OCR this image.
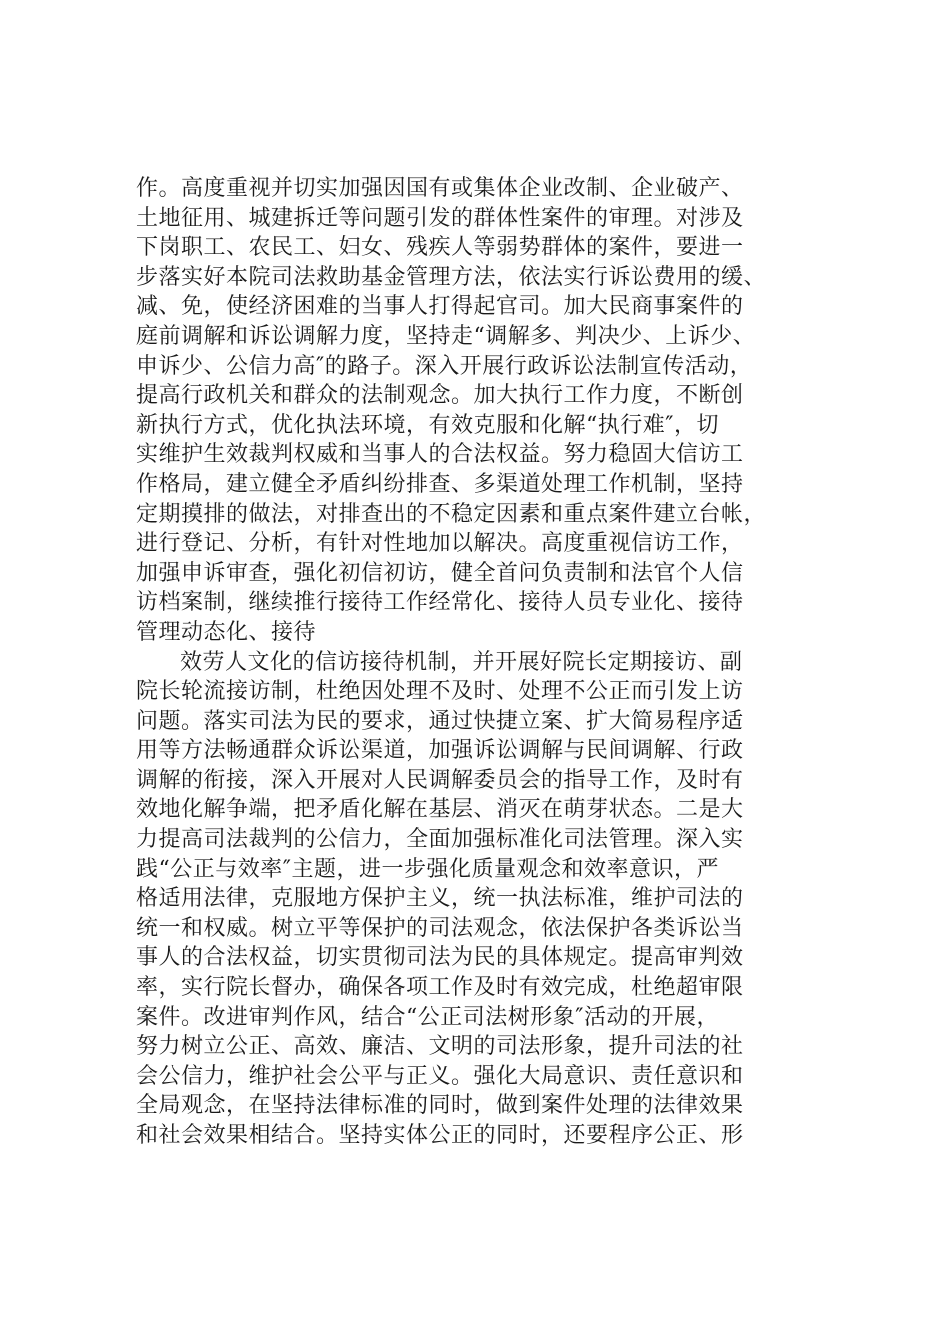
作。高度重视并切实加强因国有或集体企业改制、企业破产、
土地征用、城建拆迁等问题引发的群体性案件的审理。对涉及
下岗职工、农民工、妇女、残疾人等弱势群体的案件，要进一
步落实好本院司法救助基金管理方法，依法实行诉讼费用的缓、
减、免，使经济困难的当事人打得起官司。加大民商事案件的
庭前调解和诉讼调解力度，坚持走“调解多、判决少、上诉少、
申诉少、公信力高″的路子。深入开展行政诉讼法制宣传活动，
提高行政机关和群众的法制观念。加大执行工作力度，不断创
新执行方式，优化执法环境，有效克服和化解“执行难″，切
实维护生效裁判权威和当事人的合法权益。努力稳固大信访工
作格局，建立健全矛盾纠纷排查、多渠道处理工作机制，坚持
定期摸排的做法，对排查出的不稳定因素和重点案件建立台帐，
进行登记、分析，有针对性地加以解决。高度重视信访工作，
加强申诉审查，强化初信初访，健全首问负责制和法官个人信
访档案制，继续推行接待工作经常化、接待人员专业化、接待
管理动态化、接待
效劳人文化的信访接待机制，并开展好院长定期接访、副
院长轮流接访制，杜绝因处理不及时、处理不公正而引发上访
问题。落实司法为民的要求，通过快捷立案、扩大简易程序适
用等方法畅通群众诉讼渠道，加强诉讼调解与民间调解、行政
调解的衔接，深入开展对人民调解委员会的指导工作，及时有
效地化解争端，把矛盾化解在基层、消灭在萌芽状态。二是大
力提高司法裁判的公信力，全面加强标准化司法管理。深入实
践“公正与效率″主题，进一步强化质量观念和效率意识，严
格适用法律，克服地方保护主义，统一执法标准，维护司法的
统一和权威。树立平等保护的司法观念，依法保护各类诉讼当
事人的合法权益，切实贯彻司法为民的具体规定。提高审判效
率，实行院长督办，确保各项工作及时有效完成，杜绝超审限
案件。改进审判作风，结合“公正司法树形象″活动的开展，
努力树立公正、高效、廉洁、文明的司法形象，提升司法的社
会公信力，维护社会公平与正义。强化大局意识、责任意识和
全局观念，在坚持法律标准的同时，做到案件处理的法律效果
和社会效果相结合。坚持实体公正的同时，还要程序公正、形
